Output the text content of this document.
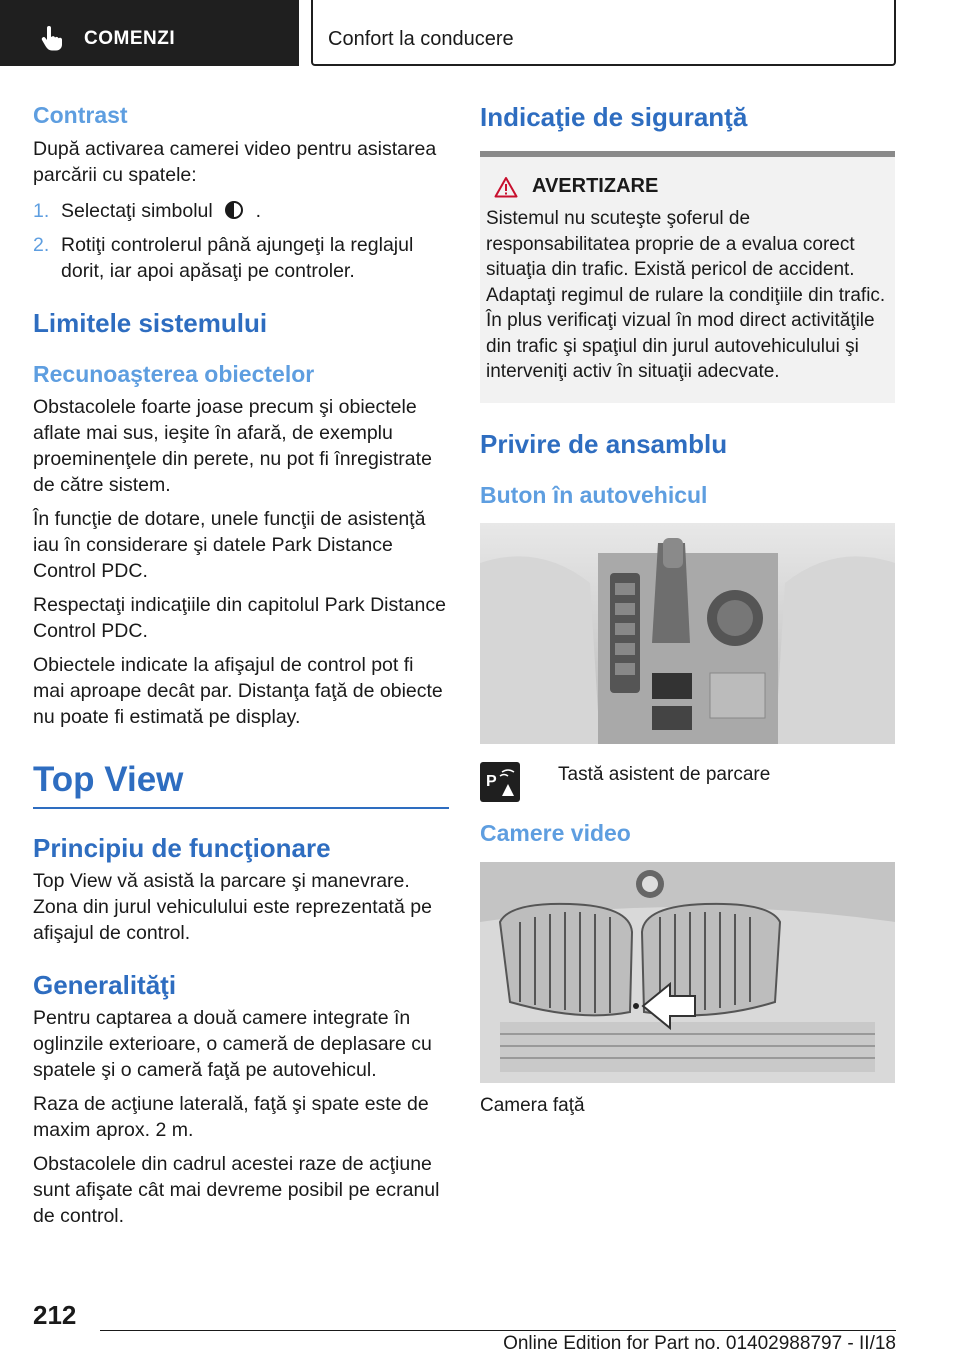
COMENZI	Confort la conducere
Contrast
După activarea camerei video pentru asistarea parcării cu spatele:
1. Selectaţi simbolul .
2. Rotiţi controlerul până ajungeţi la reglajul dorit, iar apoi apăsaţi pe controler.
Limitele sistemului
Recunoaşterea obiectelor
Obstacolele foarte joase precum şi obiectele aflate mai sus, ieşite în afară, de exemplu proeminenţele din perete, nu pot fi înregistrate de către sistem.
În funcţie de dotare, unele funcţii de asistenţă iau în considerare şi datele Park Distance Control PDC.
Respectaţi indicaţiile din capitolul Park Distance Control PDC.
Obiectele indicate la afişajul de control pot fi mai aproape decât par. Distanţa faţă de obiecte nu poate fi estimată pe display.
Top View
Principiu de funcţionare
Top View vă asistă la parcare şi manevrare. Zona din jurul vehiculului este reprezentată pe afişajul de control.
Generalităţi
Pentru captarea a două camere integrate în oglinzile exterioare, o cameră de deplasare cu spatele şi o cameră faţă pe autovehicul.
Raza de acţiune laterală, faţă şi spate este de maxim aprox. 2 m.
Obstacolele din cadrul acestei raze de acţiune sunt afişate cât mai devreme posibil pe ecranul de control.
Indicaţie de siguranţă
AVERTIZARE
Sistemul nu scuteşte şoferul de responsabilitatea proprie de a evalua corect situaţia din trafic. Există pericol de accident. Adaptaţi regimul de rulare la condiţiile din trafic. În plus verificaţi vizual în mod direct activităţile din trafic şi spaţiul din jurul autovehiculului şi interveniţi activ în situaţii adecvate.
Privire de ansamblu
Buton în autovehicul
P	Tastă asistent de parcare
Camere video
Camera faţă
212
Online Edition for Part no. 01402988797 - II/18
